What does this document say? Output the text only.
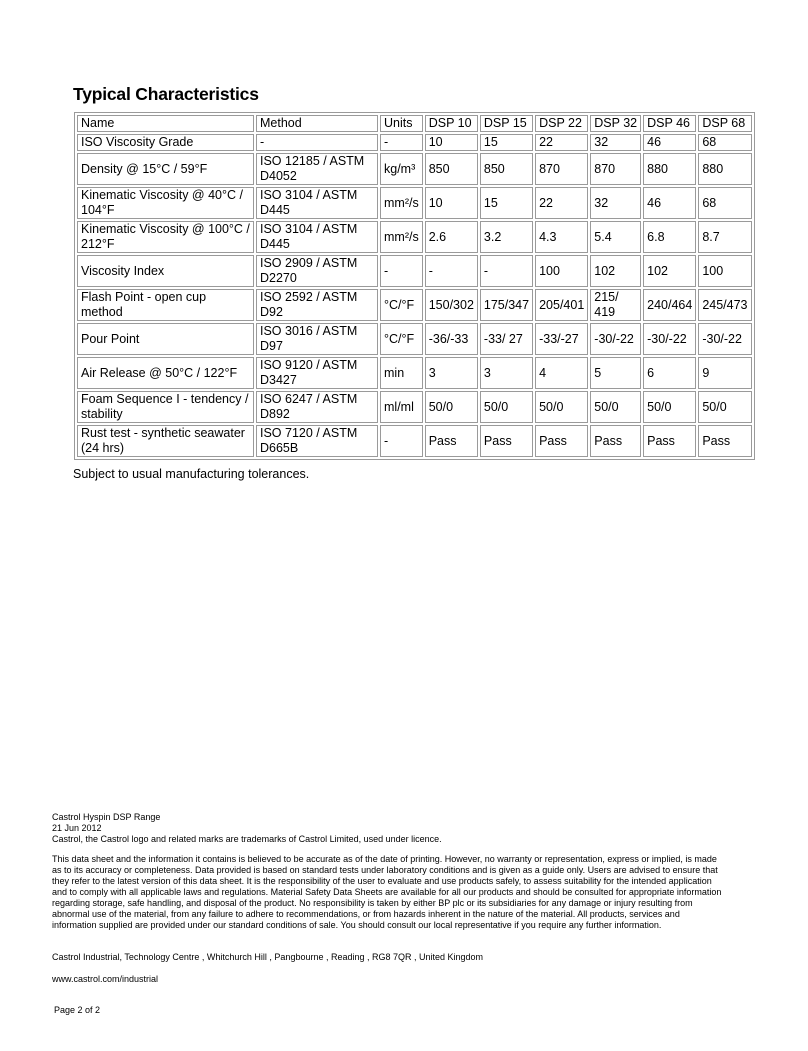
Typical Characteristics
Name	Method	Units	DSP 10	DSP 15	DSP 22	DSP 32	DSP 46	DSP 68
ISO Viscosity Grade	-	-	10	15	22	32	46	68
Density @ 15°C / 59°F	ISO 12185 / ASTM D4052	kg/m³	850	850	870	870	880	880
Kinematic Viscosity @ 40°C / 104°F	ISO 3104 / ASTM D445	mm²/s	10	15	22	32	46	68
Kinematic Viscosity @ 100°C / 212°F	ISO 3104 / ASTM D445	mm²/s	2.6	3.2	4.3	5.4	6.8	8.7
Viscosity Index	ISO 2909 / ASTM D2270	-	-	-	100	102	102	100
Flash Point - open cup method	ISO 2592 / ASTM D92	°C/°F	150/302	175/347	205/401	215/ 419	240/464	245/473
Pour Point	ISO 3016 / ASTM D97	°C/°F	-36/-33	-33/ 27	-33/-27	-30/-22	-30/-22	-30/-22
Air Release @ 50°C / 122°F	ISO 9120 / ASTM D3427	min	3	3	4	5	6	9
Foam Sequence I - tendency / stability	ISO 6247 / ASTM D892	ml/ml	50/0	50/0	50/0	50/0	50/0	50/0
Rust test - synthetic seawater (24 hrs)	ISO 7120 / ASTM D665B	-	Pass	Pass	Pass	Pass	Pass	Pass
Subject to usual manufacturing tolerances.
Castrol Hyspin DSP Range
21 Jun 2012
Castrol, the Castrol logo and related marks are trademarks of Castrol Limited, used under licence.
This data sheet and the information it contains is believed to be accurate as of the date of printing. However, no warranty or representation, express or implied, is made as to its accuracy or completeness. Data provided is based on standard tests under laboratory conditions and is given as a guide only. Users are advised to ensure that they refer to the latest version of this data sheet. It is the responsibility of the user to evaluate and use products safely, to assess suitability for the intended application and to comply with all applicable laws and regulations. Material Safety Data Sheets are available for all our products and should be consulted for appropriate information regarding storage, safe handling, and disposal of the product. No responsibility is taken by either BP plc or its subsidiaries for any damage or injury resulting from abnormal use of the material, from any failure to adhere to recommendations, or from hazards inherent in the nature of the material. All products, services and information supplied are provided under our standard conditions of sale. You should consult our local representative if you require any further information.
Castrol Industrial, Technology Centre , Whitchurch Hill , Pangbourne , Reading , RG8 7QR , United Kingdom
www.castrol.com/industrial
Page 2 of 2
